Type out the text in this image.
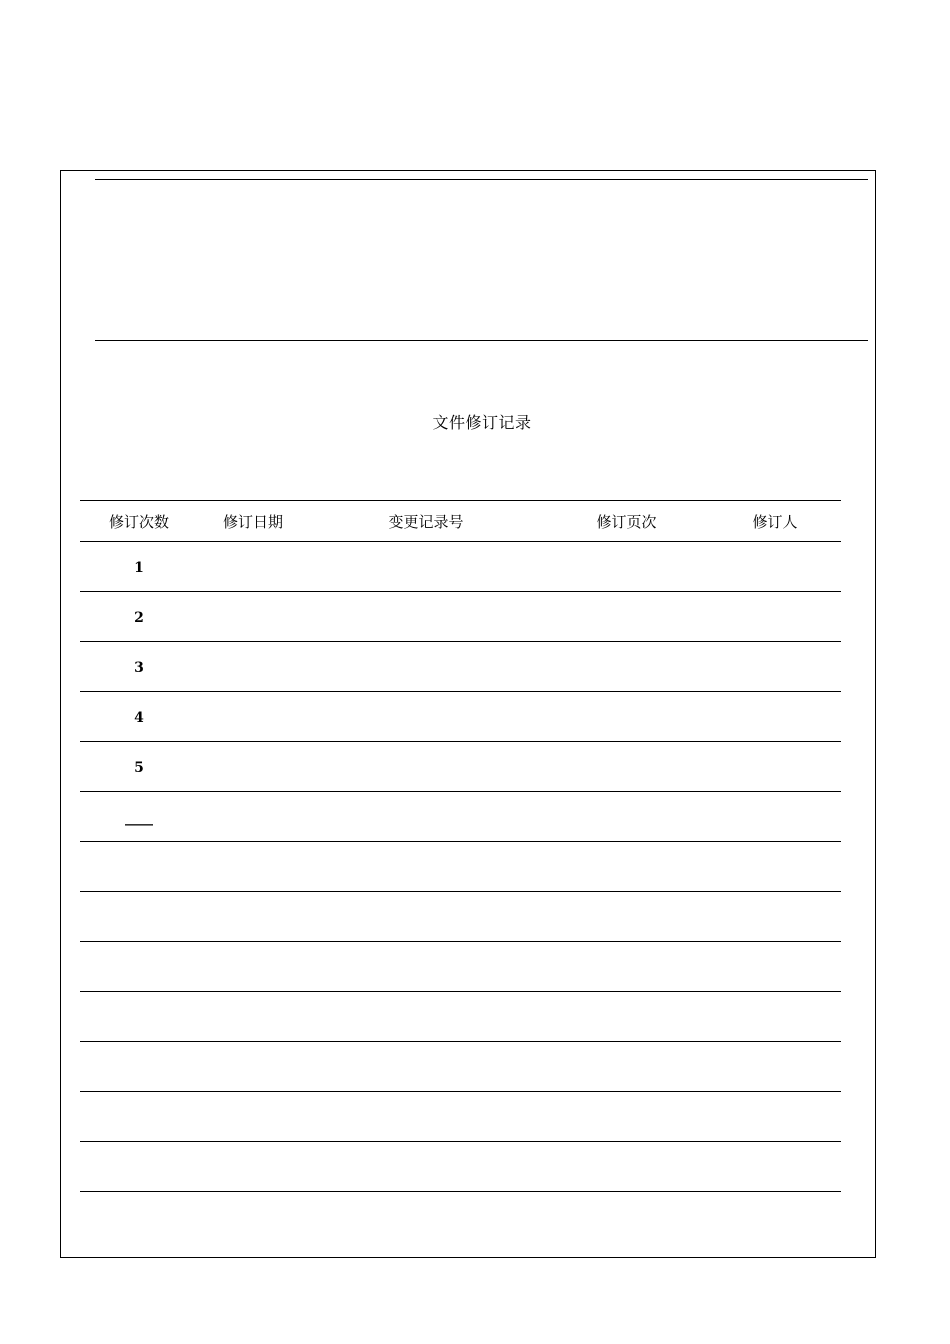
文件修订记录
修订次数	修订日期	变更记录号	修订页次	修订人
1				
2				
3				
4				
5				
____				
